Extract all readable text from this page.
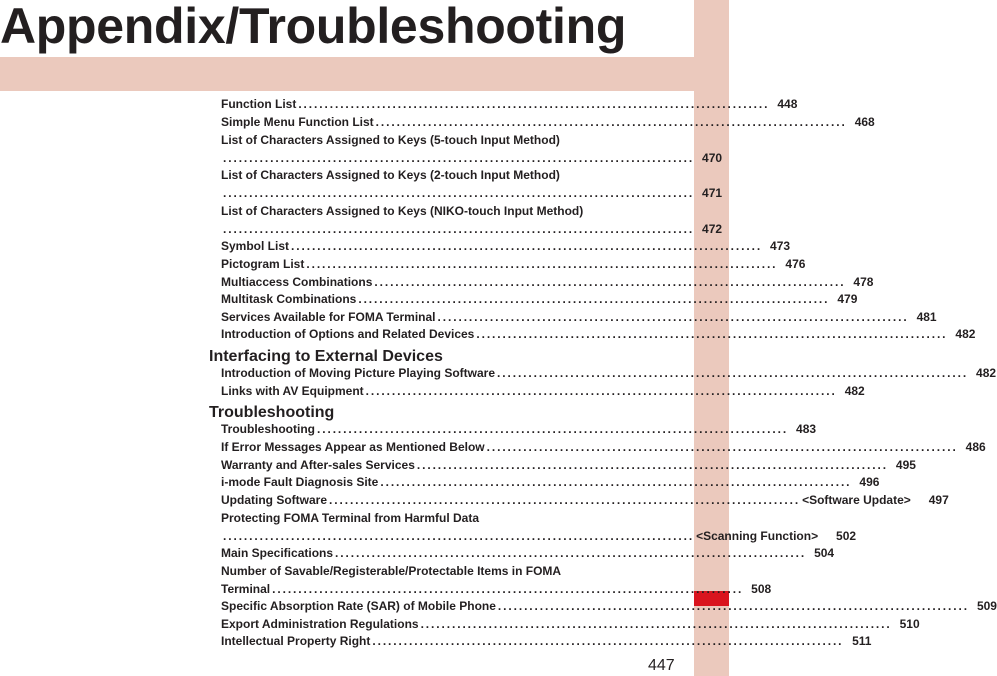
Appendix/Troubleshooting
Function List .......................................................................................... 448
Simple Menu Function List .......................................................................................... 468
List of Characters Assigned to Keys (5-touch Input Method)
.......................................................................................... 470
List of Characters Assigned to Keys (2-touch Input Method)
.......................................................................................... 471
List of Characters Assigned to Keys (NIKO-touch Input Method)
.......................................................................................... 472
Symbol List .......................................................................................... 473
Pictogram List .......................................................................................... 476
Multiaccess Combinations .......................................................................................... 478
Multitask Combinations .......................................................................................... 479
Services Available for FOMA Terminal .......................................................................................... 481
Introduction of Options and Related Devices .......................................................................................... 482
Interfacing to External Devices
Introduction of Moving Picture Playing Software .......................................................................................... 482
Links with AV Equipment .......................................................................................... 482
Troubleshooting
Troubleshooting .......................................................................................... 483
If Error Messages Appear as Mentioned Below .......................................................................................... 486
Warranty and After-sales Services .......................................................................................... 495
i-mode Fault Diagnosis Site .......................................................................................... 496
Updating Software .......................................................................................... <Software Update>	497
Protecting FOMA Terminal from Harmful Data
.......................................................................................... <Scanning Function>	502
Main Specifications .......................................................................................... 504
Number of Savable/Registerable/Protectable Items in FOMA
Terminal .......................................................................................... 508
Specific Absorption Rate (SAR) of Mobile Phone .......................................................................................... 509
Export Administration Regulations .......................................................................................... 510
Intellectual Property Right .......................................................................................... 511
447
